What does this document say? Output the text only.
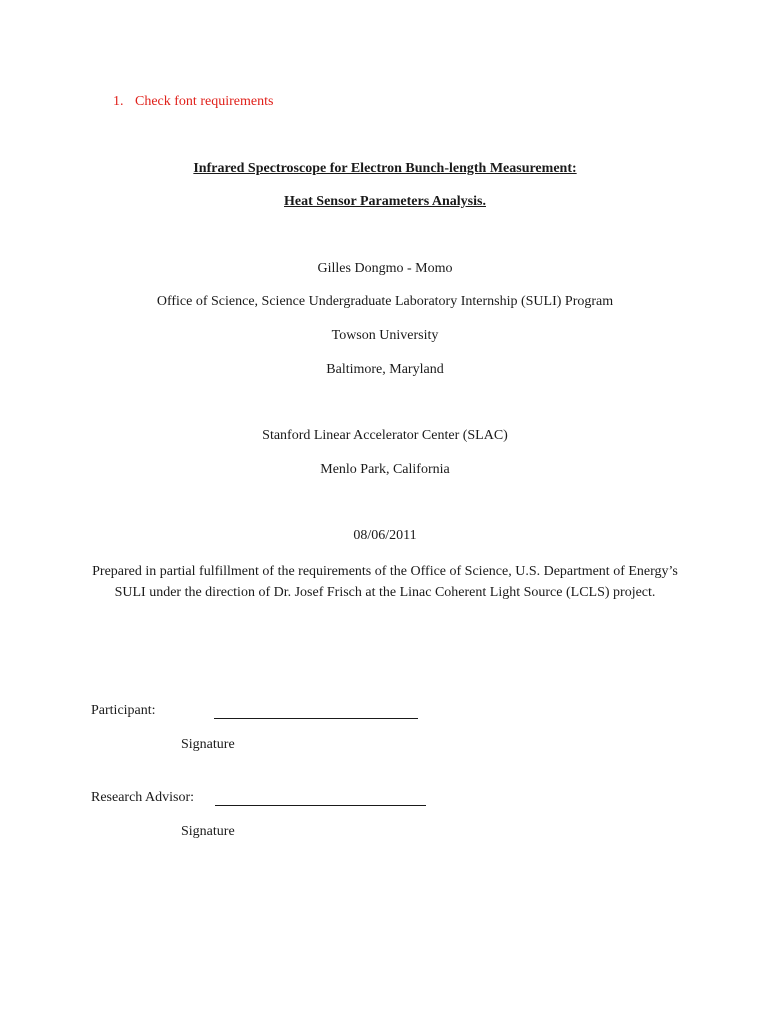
1. Check font requirements
Infrared Spectroscope for Electron Bunch-length Measurement:
Heat Sensor Parameters Analysis.
Gilles Dongmo - Momo
Office of Science, Science Undergraduate Laboratory Internship (SULI) Program
Towson University
Baltimore, Maryland
Stanford Linear Accelerator Center (SLAC)
Menlo Park, California
08/06/2011
Prepared in partial fulfillment of the requirements of the Office of Science, U.S. Department of Energy’s SULI under the direction of Dr. Josef Frisch at the Linac Coherent Light Source (LCLS) project.
Participant:
Signature
Research Advisor:
Signature
